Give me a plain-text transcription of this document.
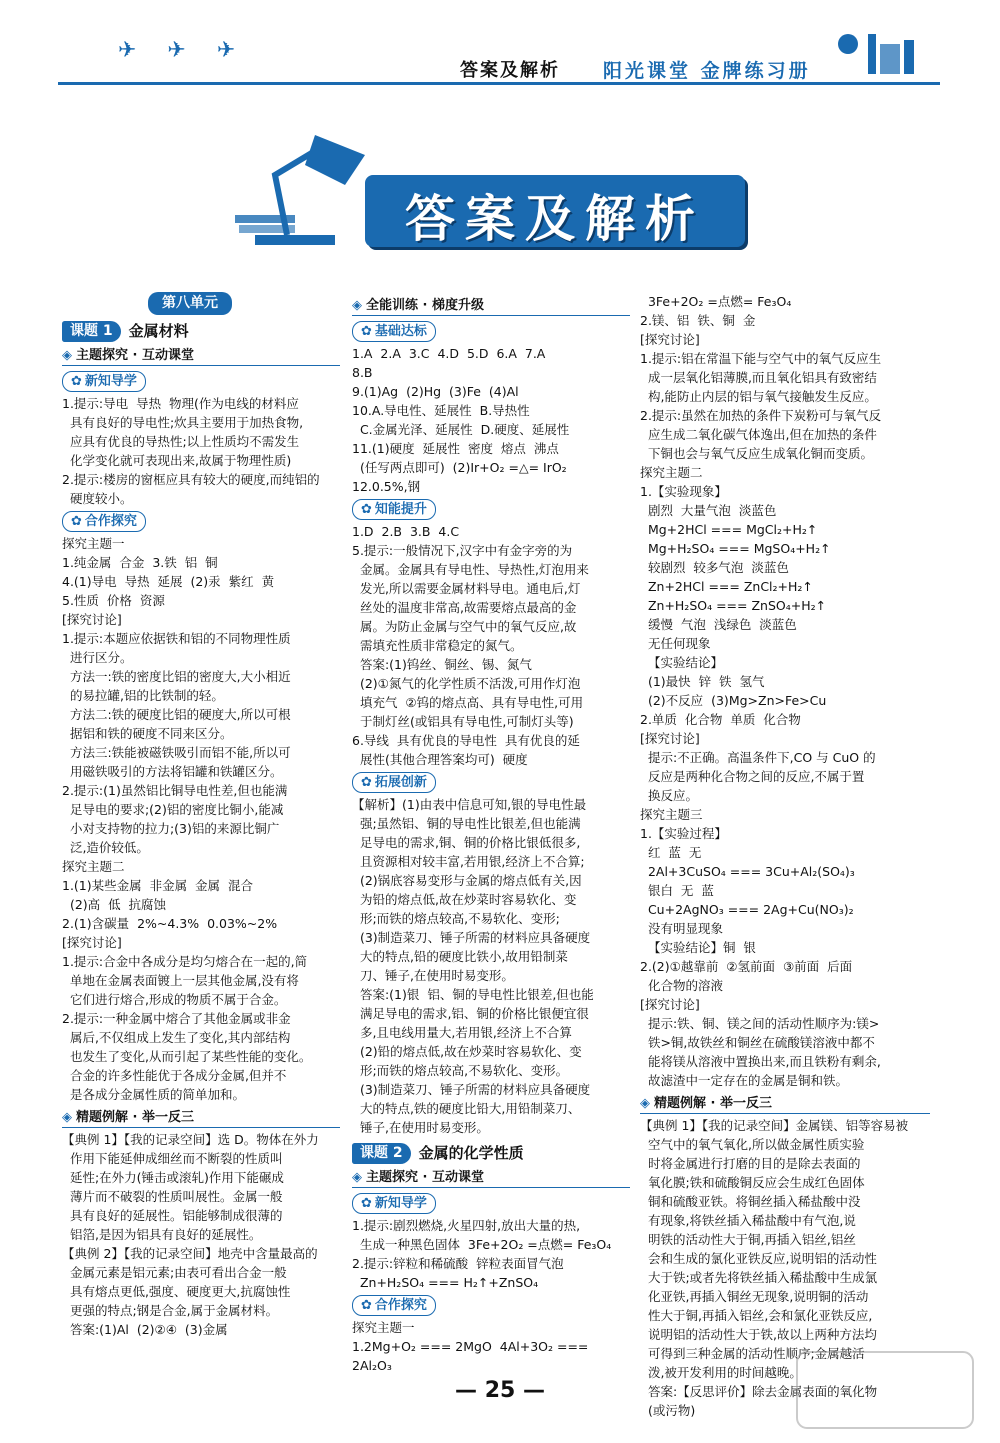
✈ ✈ ✈
答案及解析 阳光课堂 金牌练习册
答案及解析
第八单元
课题 1	金属材料
◈ 主题探究 · 互动课堂
✿ 新知导学
1.提示:导电  导热  物理(作为电线的材料应
具有良好的导电性;炊具主要用于加热食物,
应具有优良的导热性;以上性质均不需发生
化学变化就可表现出来,故属于物理性质)
2.提示:楼房的窗框应具有较大的硬度,而纯铝的
硬度较小。
✿ 合作探究
探究主题一
1.纯金属  合金  3.铁  铝  铜
4.(1)导电  导热  延展  (2)汞  紫红  黄
5.性质  价格  资源
[探究讨论]
1.提示:本题应依据铁和铝的不同物理性质
进行区分。
方法一:铁的密度比铝的密度大,大小相近
的易拉罐,铝的比铁制的轻。
方法二:铁的硬度比铝的硬度大,所以可根
据铝和铁的硬度不同来区分。
方法三:铁能被磁铁吸引而铝不能,所以可
用磁铁吸引的方法将铝罐和铁罐区分。
2.提示:(1)虽然铝比铜导电性差,但也能满
足导电的要求;(2)铝的密度比铜小,能减
小对支持物的拉力;(3)铝的来源比铜广
泛,造价较低。
探究主题二
1.(1)某些金属  非金属  金属  混合
(2)高  低  抗腐蚀
2.(1)含碳量  2%~4.3%  0.03%~2%
[探究讨论]
1.提示:合金中各成分是均匀熔合在一起的,简
单地在金属表面镀上一层其他金属,没有将
它们进行熔合,形成的物质不属于合金。
2.提示:一种金属中熔合了其他金属或非金
属后,不仅组成上发生了变化,其内部结构
也发生了变化,从而引起了某些性能的变化。
合金的许多性能优于各成分金属,但并不
是各成分金属性质的简单加和。
◈ 精题例解 · 举一反三
【典例 1】【我的记录空间】选 D。物体在外力
作用下能延伸成细丝而不断裂的性质叫
延性;在外力(锤击或滚轧)作用下能碾成
薄片而不破裂的性质叫展性。金属一般
具有良好的延展性。铝能够制成很薄的
铝箔,是因为铝具有良好的延展性。
【典例 2】【我的记录空间】地壳中含量最高的
金属元素是铝元素;由表可看出合金一般
具有熔点更低,强度、硬度更大,抗腐蚀性
更强的特点;钢是合金,属于金属材料。
答案:(1)Al  (2)②④  (3)金属
◈ 全能训练 · 梯度升级
✿ 基础达标
1.A  2.A  3.C  4.D  5.D  6.A  7.A
8.B
9.(1)Ag  (2)Hg  (3)Fe  (4)Al
10.A.导电性、延展性  B.导热性
C.金属光泽、延展性  D.硬度、延展性
11.(1)硬度  延展性  密度  熔点  沸点
(任写两点即可)  (2)Ir+O₂ =△= IrO₂
12.0.5%,钢
✿ 知能提升
1.D  2.B  3.B  4.C
5.提示:一般情况下,汉字中有金字旁的为
金属。金属具有导电性、导热性,灯泡用来
发光,所以需要金属材料导电。通电后,灯
丝处的温度非常高,故需要熔点最高的金
属。为防止金属与空气中的氧气反应,故
需填充性质非常稳定的氮气。
答案:(1)钨丝、铜丝、锡、氮气
(2)①氮气的化学性质不活泼,可用作灯泡
填充气  ②钨的熔点高、具有导电性,可用
于制灯丝(或铝具有导电性,可制灯头等)
6.导线  具有优良的导电性  具有优良的延
展性(其他合理答案均可)  硬度
✿ 拓展创新
【解析】(1)由表中信息可知,银的导电性最
强;虽然铝、铜的导电性比银差,但也能满
足导电的需求,铜、铜的价格比银低很多,
且资源相对较丰富,若用银,经济上不合算;
(2)锅底容易变形与金属的熔点低有关,因
为铅的熔点低,故在炒菜时容易软化、变
形;而铁的熔点较高,不易软化、变形;
(3)制造菜刀、锤子所需的材料应具备硬度
大的特点,铅的硬度比铁小,故用铅制菜
刀、锤子,在使用时易变形。
答案:(1)银  铝、铜的导电性比银差,但也能
满足导电的需求,铝、铜的价格比银便宜很
多,且电线用量大,若用银,经济上不合算
(2)铅的熔点低,故在炒菜时容易软化、变
形;而铁的熔点较高,不易软化、变形。
(3)制造菜刀、锤子所需的材料应具备硬度
大的特点,铁的硬度比铅大,用铅制菜刀、
锤子,在使用时易变形。
课题 2	金属的化学性质
◈ 主题探究 · 互动课堂
✿ 新知导学
1.提示:剧烈燃烧,火星四射,放出大量的热,
生成一种黑色固体  3Fe+2O₂ =点燃= Fe₃O₄
2.提示:锌粒和稀硫酸  锌粒表面冒气泡
Zn+H₂SO₄ === H₂↑+ZnSO₄
✿ 合作探究
探究主题一
1.2Mg+O₂ === 2MgO  4Al+3O₂ === 2Al₂O₃
3Fe+2O₂ =点燃= Fe₃O₄
2.镁、铝  铁、铜  金
[探究讨论]
1.提示:铝在常温下能与空气中的氧气反应生
成一层氧化铝薄膜,而且氧化铝具有致密结
构,能防止内层的铝与氧气接触发生反应。
2.提示:虽然在加热的条件下炭粉可与氧气反
应生成二氧化碳气体逸出,但在加热的条件
下铜也会与氧气反应生成氧化铜而变质。
探究主题二
1.【实验现象】
剧烈  大量气泡  淡蓝色
Mg+2HCl === MgCl₂+H₂↑
Mg+H₂SO₄ === MgSO₄+H₂↑
较剧烈  较多气泡  淡蓝色
Zn+2HCl === ZnCl₂+H₂↑
Zn+H₂SO₄ === ZnSO₄+H₂↑
缓慢  气泡  浅绿色  淡蓝色
无任何现象
【实验结论】
(1)最快  锌  铁  氢气
(2)不反应  (3)Mg>Zn>Fe>Cu
2.单质  化合物  单质  化合物
[探究讨论]
提示:不正确。高温条件下,CO 与 CuO 的
反应是两种化合物之间的反应,不属于置
换反应。
探究主题三
1.【实验过程】
红  蓝  无
2Al+3CuSO₄ === 3Cu+Al₂(SO₄)₃
银白  无  蓝
Cu+2AgNO₃ === 2Ag+Cu(NO₃)₂
没有明显现象
【实验结论】铜  银
2.(2)①越靠前  ②氢前面  ③前面  后面
化合物的溶液
[探究讨论]
提示:铁、铜、镁之间的活动性顺序为:镁>
铁>铜,故铁丝和铜丝在硫酸镁溶液中都不
能将镁从溶液中置换出来,而且铁粉有剩余,
故滤渣中一定存在的金属是铜和铁。
◈ 精题例解 · 举一反三
【典例 1】【我的记录空间】金属镁、铝等容易被
空气中的氧气氧化,所以做金属性质实验
时将金属进行打磨的目的是除去表面的
氧化膜;铁和硫酸铜反应会生成红色固体
铜和硫酸亚铁。将铜丝插入稀盐酸中没
有现象,将铁丝插入稀盐酸中有气泡,说
明铁的活动性大于铜,再插入铝丝,铝丝
会和生成的氯化亚铁反应,说明铝的活动性
大于铁;或者先将铁丝插入稀盐酸中生成氯
化亚铁,再插入铜丝无现象,说明铜的活动
性大于铜,再插入铝丝,会和氯化亚铁反应,
说明铝的活动性大于铁,故以上两种方法均
可得到三种金属的活动性顺序;金属越活
泼,被开发利用的时间越晚。
答案:【反思评价】除去金属表面的氧化物
(或污物)
— 25 —
